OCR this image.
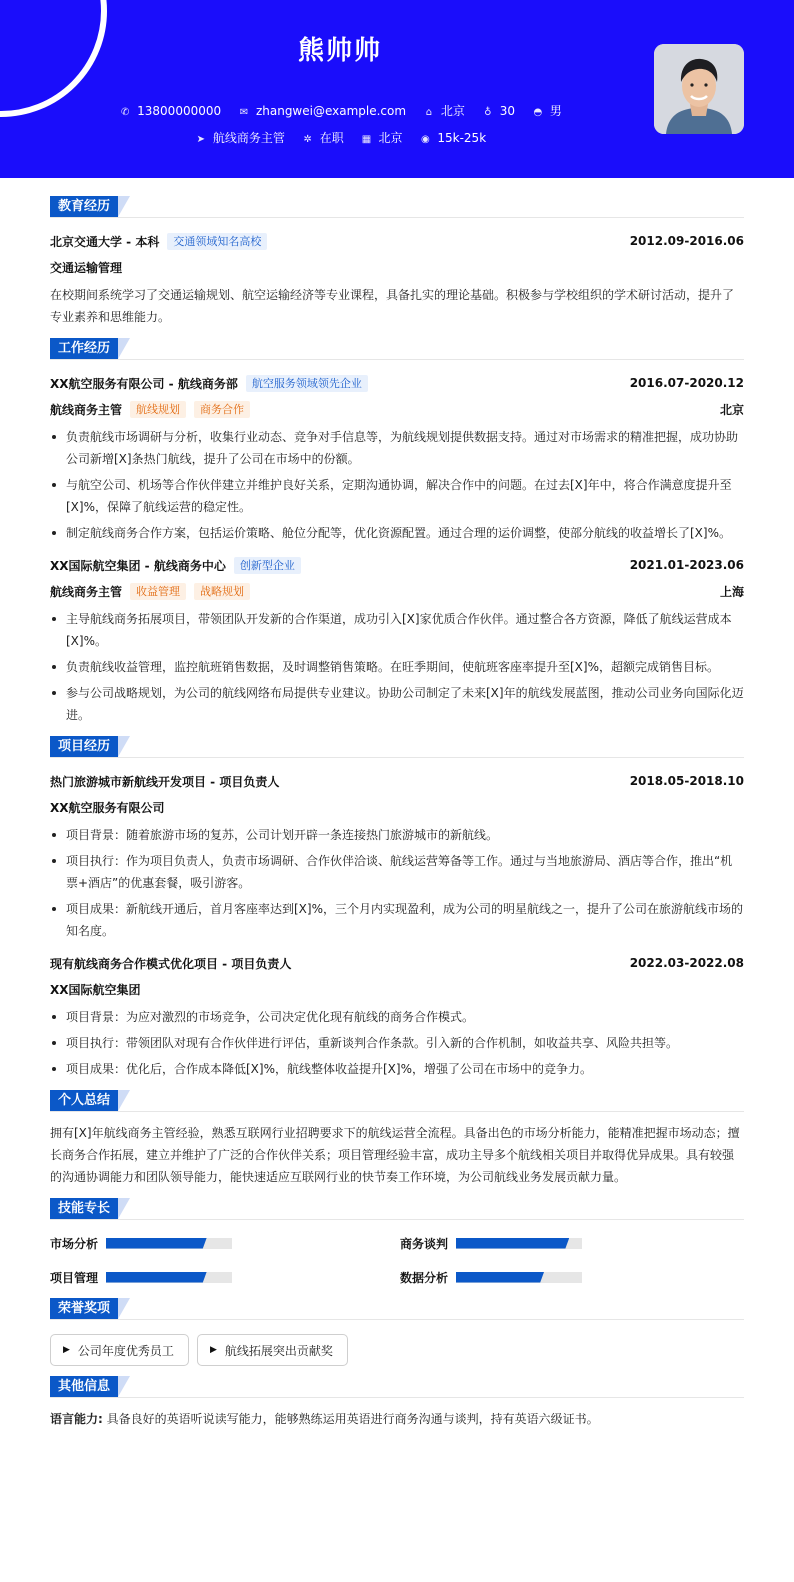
熊帅帅
✆ 13800000000 ✉ zhangwei@example.com ⌂ 北京 ♁ 30 ◓ 男
➤ 航线商务主管 ✲ 在职 ▦ 北京 ◉ 15k-25k
教育经历
北京交通大学 - 本科	交通领域知名高校	2012.09-2016.06
交通运输管理
在校期间系统学习了交通运输规划、航空运输经济等专业课程，具备扎实的理论基础。积极参与学校组织的学术研讨活动，提升了专业素养和思维能力。
工作经历
XX航空服务有限公司 - 航线商务部	航空服务领域领先企业	2016.07-2020.12
航线商务主管	航线规划	商务合作	北京
负责航线市场调研与分析，收集行业动态、竞争对手信息等，为航线规划提供数据支持。通过对市场需求的精准把握，成功协助公司新增[X]条热门航线，提升了公司在市场中的份额。
与航空公司、机场等合作伙伴建立并维护良好关系，定期沟通协调，解决合作中的问题。在过去[X]年中，将合作满意度提升至[X]%，保障了航线运营的稳定性。
制定航线商务合作方案，包括运价策略、舱位分配等，优化资源配置。通过合理的运价调整，使部分航线的收益增长了[X]%。
XX国际航空集团 - 航线商务中心	创新型企业	2021.01-2023.06
航线商务主管	收益管理	战略规划	上海
主导航线商务拓展项目，带领团队开发新的合作渠道，成功引入[X]家优质合作伙伴。通过整合各方资源，降低了航线运营成本[X]%。
负责航线收益管理，监控航班销售数据，及时调整销售策略。在旺季期间，使航班客座率提升至[X]%，超额完成销售目标。
参与公司战略规划，为公司的航线网络布局提供专业建议。协助公司制定了未来[X]年的航线发展蓝图，推动公司业务向国际化迈进。
项目经历
热门旅游城市新航线开发项目 - 项目负责人	2018.05-2018.10
XX航空服务有限公司
项目背景：随着旅游市场的复苏，公司计划开辟一条连接热门旅游城市的新航线。
项目执行：作为项目负责人，负责市场调研、合作伙伴洽谈、航线运营筹备等工作。通过与当地旅游局、酒店等合作，推出“机票+酒店”的优惠套餐，吸引游客。
项目成果：新航线开通后，首月客座率达到[X]%，三个月内实现盈利，成为公司的明星航线之一，提升了公司在旅游航线市场的知名度。
现有航线商务合作模式优化项目 - 项目负责人	2022.03-2022.08
XX国际航空集团
项目背景：为应对激烈的市场竞争，公司决定优化现有航线的商务合作模式。
项目执行：带领团队对现有合作伙伴进行评估，重新谈判合作条款。引入新的合作机制，如收益共享、风险共担等。
项目成果：优化后，合作成本降低[X]%，航线整体收益提升[X]%，增强了公司在市场中的竞争力。
个人总结
拥有[X]年航线商务主管经验，熟悉互联网行业招聘要求下的航线运营全流程。具备出色的市场分析能力，能精准把握市场动态；擅长商务合作拓展，建立并维护了广泛的合作伙伴关系；项目管理经验丰富，成功主导多个航线相关项目并取得优异成果。具有较强的沟通协调能力和团队领导能力，能快速适应互联网行业的快节奏工作环境，为公司航线业务发展贡献力量。
技能专长
市场分析	商务谈判
项目管理	数据分析
荣誉奖项
▶ 公司年度优秀员工	▶ 航线拓展突出贡献奖
其他信息
语言能力: 具备良好的英语听说读写能力，能够熟练运用英语进行商务沟通与谈判，持有英语六级证书。
